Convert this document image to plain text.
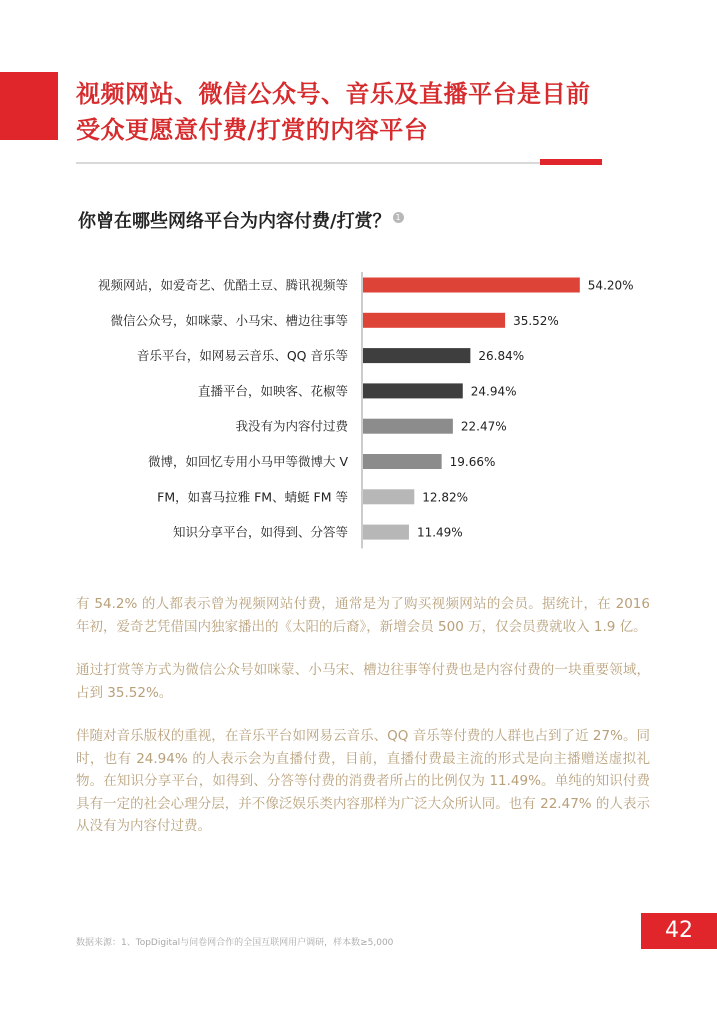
视频网站、微信公众号、音乐及直播平台是目前
受众更愿意付费/打赏的内容平台
你曾在哪些网络平台为内容付费/打赏？ 1
视频网站，如爱奇艺、优酷土豆、腾讯视频等	54.20%
微信公众号，如咪蒙、小马宋、槽边往事等	35.52%
音乐平台，如网易云音乐、QQ 音乐等	26.84%
直播平台，如映客、花椒等	24.94%
我没有为内容付过费	22.47%
微博，如回忆专用小马甲等微博大 V	19.66%
FM，如喜马拉雅 FM、蜻蜓 FM 等	12.82%
知识分享平台，如得到、分答等	11.49%

有 54.2% 的人都表示曾为视频网站付费，通常是为了购买视频网站的会员。据统计，在 2016 年初，爱奇艺凭借国内独家播出的《太阳的后裔》，新增会员 500 万，仅会员费就收入 1.9 亿。

通过打赏等方式为微信公众号如咪蒙、小马宋、槽边往事等付费也是内容付费的一块重要领域，占到 35.52%。

伴随对音乐版权的重视，在音乐平台如网易云音乐、QQ 音乐等付费的人群也占到了近 27%。同时，也有 24.94% 的人表示会为直播付费，目前，直播付费最主流的形式是向主播赠送虚拟礼物。在知识分享平台，如得到、分答等付费的消费者所占的比例仅为 11.49%。单纯的知识付费具有一定的社会心理分层，并不像泛娱乐类内容那样为广泛大众所认同。也有 22.47% 的人表示从没有为内容付过费。

数据来源：1、TopDigital与问卷网合作的全国互联网用户调研，样本数≥5,000	42
